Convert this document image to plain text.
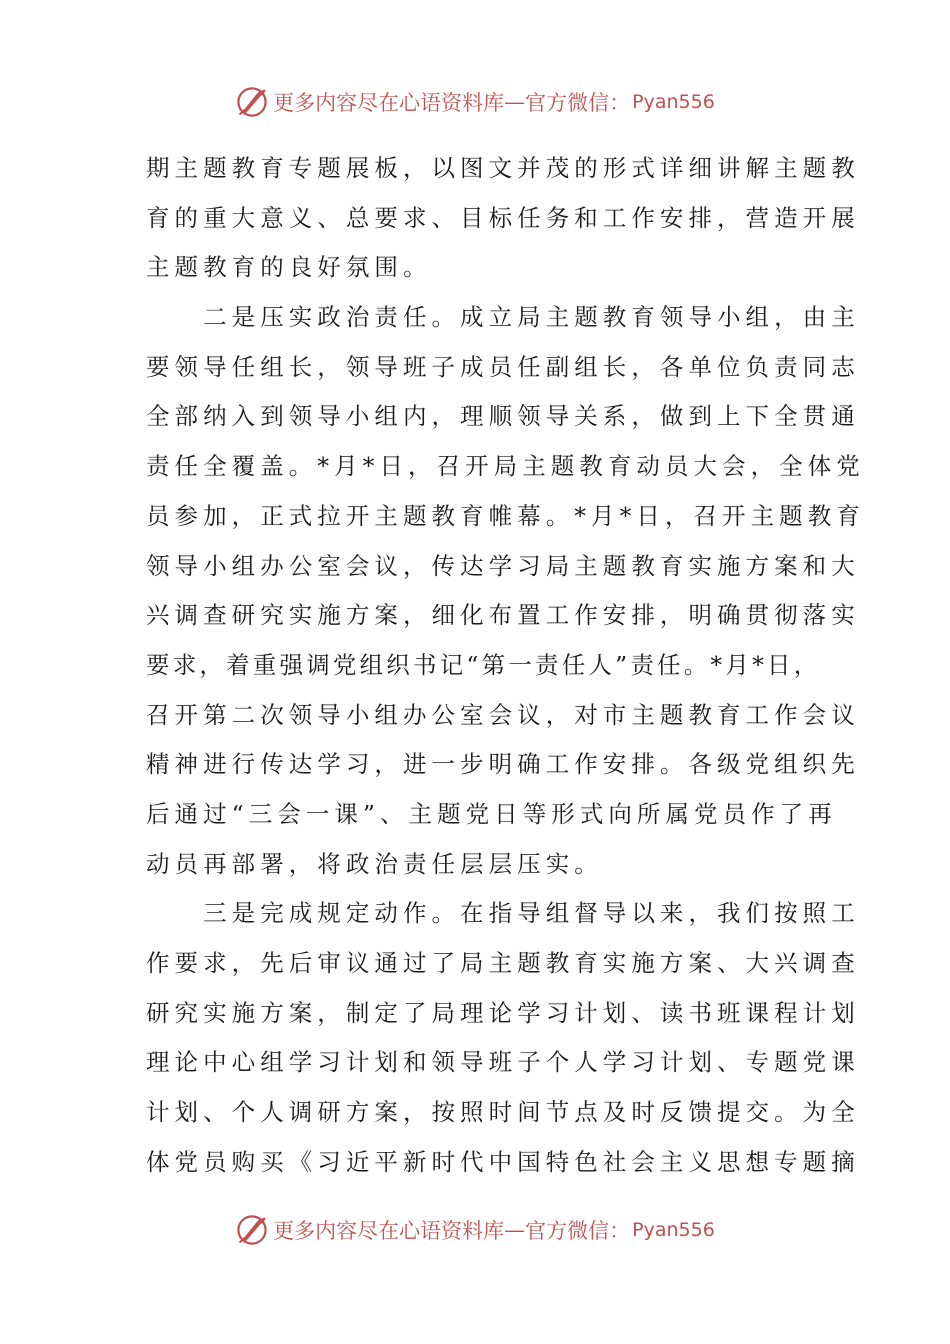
更多内容尽在心语资料库 — 官方微信： Pyan556
期主题教育专题展板，以图文并茂的形式详细讲解主题教
育的重大意义、总要求、目标任务和工作安排，营造开展
主题教育的良好氛围。
　　二是压实政治责任。成立局主题教育领导小组，由主
要领导任组长，领导班子成员任副组长，各单位负责同志
全部纳入到领导小组内，理顺领导关系，做到上下全贯通
责任全覆盖。*月*日，召开局主题教育动员大会，全体党
员参加，正式拉开主题教育帷幕。*月*日，召开主题教育
领导小组办公室会议，传达学习局主题教育实施方案和大
兴调查研究实施方案，细化布置工作安排，明确贯彻落实
要求，着重强调党组织书记“第一责任人”责任。*月*日，
召开第二次领导小组办公室会议，对市主题教育工作会议
精神进行传达学习，进一步明确工作安排。各级党组织先
后通过“三会一课”、主题党日等形式向所属党员作了再
动员再部署，将政治责任层层压实。
　　三是完成规定动作。在指导组督导以来，我们按照工
作要求，先后审议通过了局主题教育实施方案、大兴调查
研究实施方案，制定了局理论学习计划、读书班课程计划
理论中心组学习计划和领导班子个人学习计划、专题党课
计划、个人调研方案，按照时间节点及时反馈提交。为全
体党员购买《习近平新时代中国特色社会主义思想专题摘
更多内容尽在心语资料库 — 官方微信： Pyan556
